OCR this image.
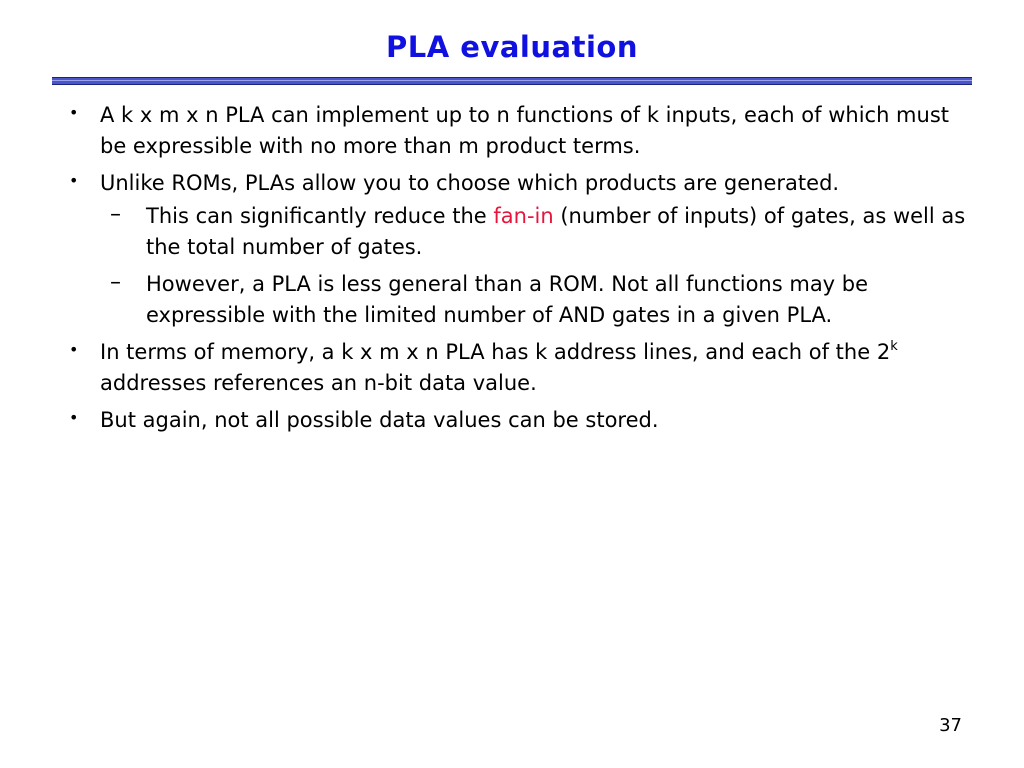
PLA evaluation
• A k x m x n PLA can implement up to n functions of k inputs, each of which must be expressible with no more than m product terms.
• Unlike ROMs, PLAs allow you to choose which products are generated.
– This can significantly reduce the fan-in (number of inputs) of gates, as well as the total number of gates.
– However, a PLA is less general than a ROM. Not all functions may be expressible with the limited number of AND gates in a given PLA.
• In terms of memory, a k x m x n PLA has k address lines, and each of the 2$^k$ addresses references an n-bit data value.
• But again, not all possible data values can be stored.
37
